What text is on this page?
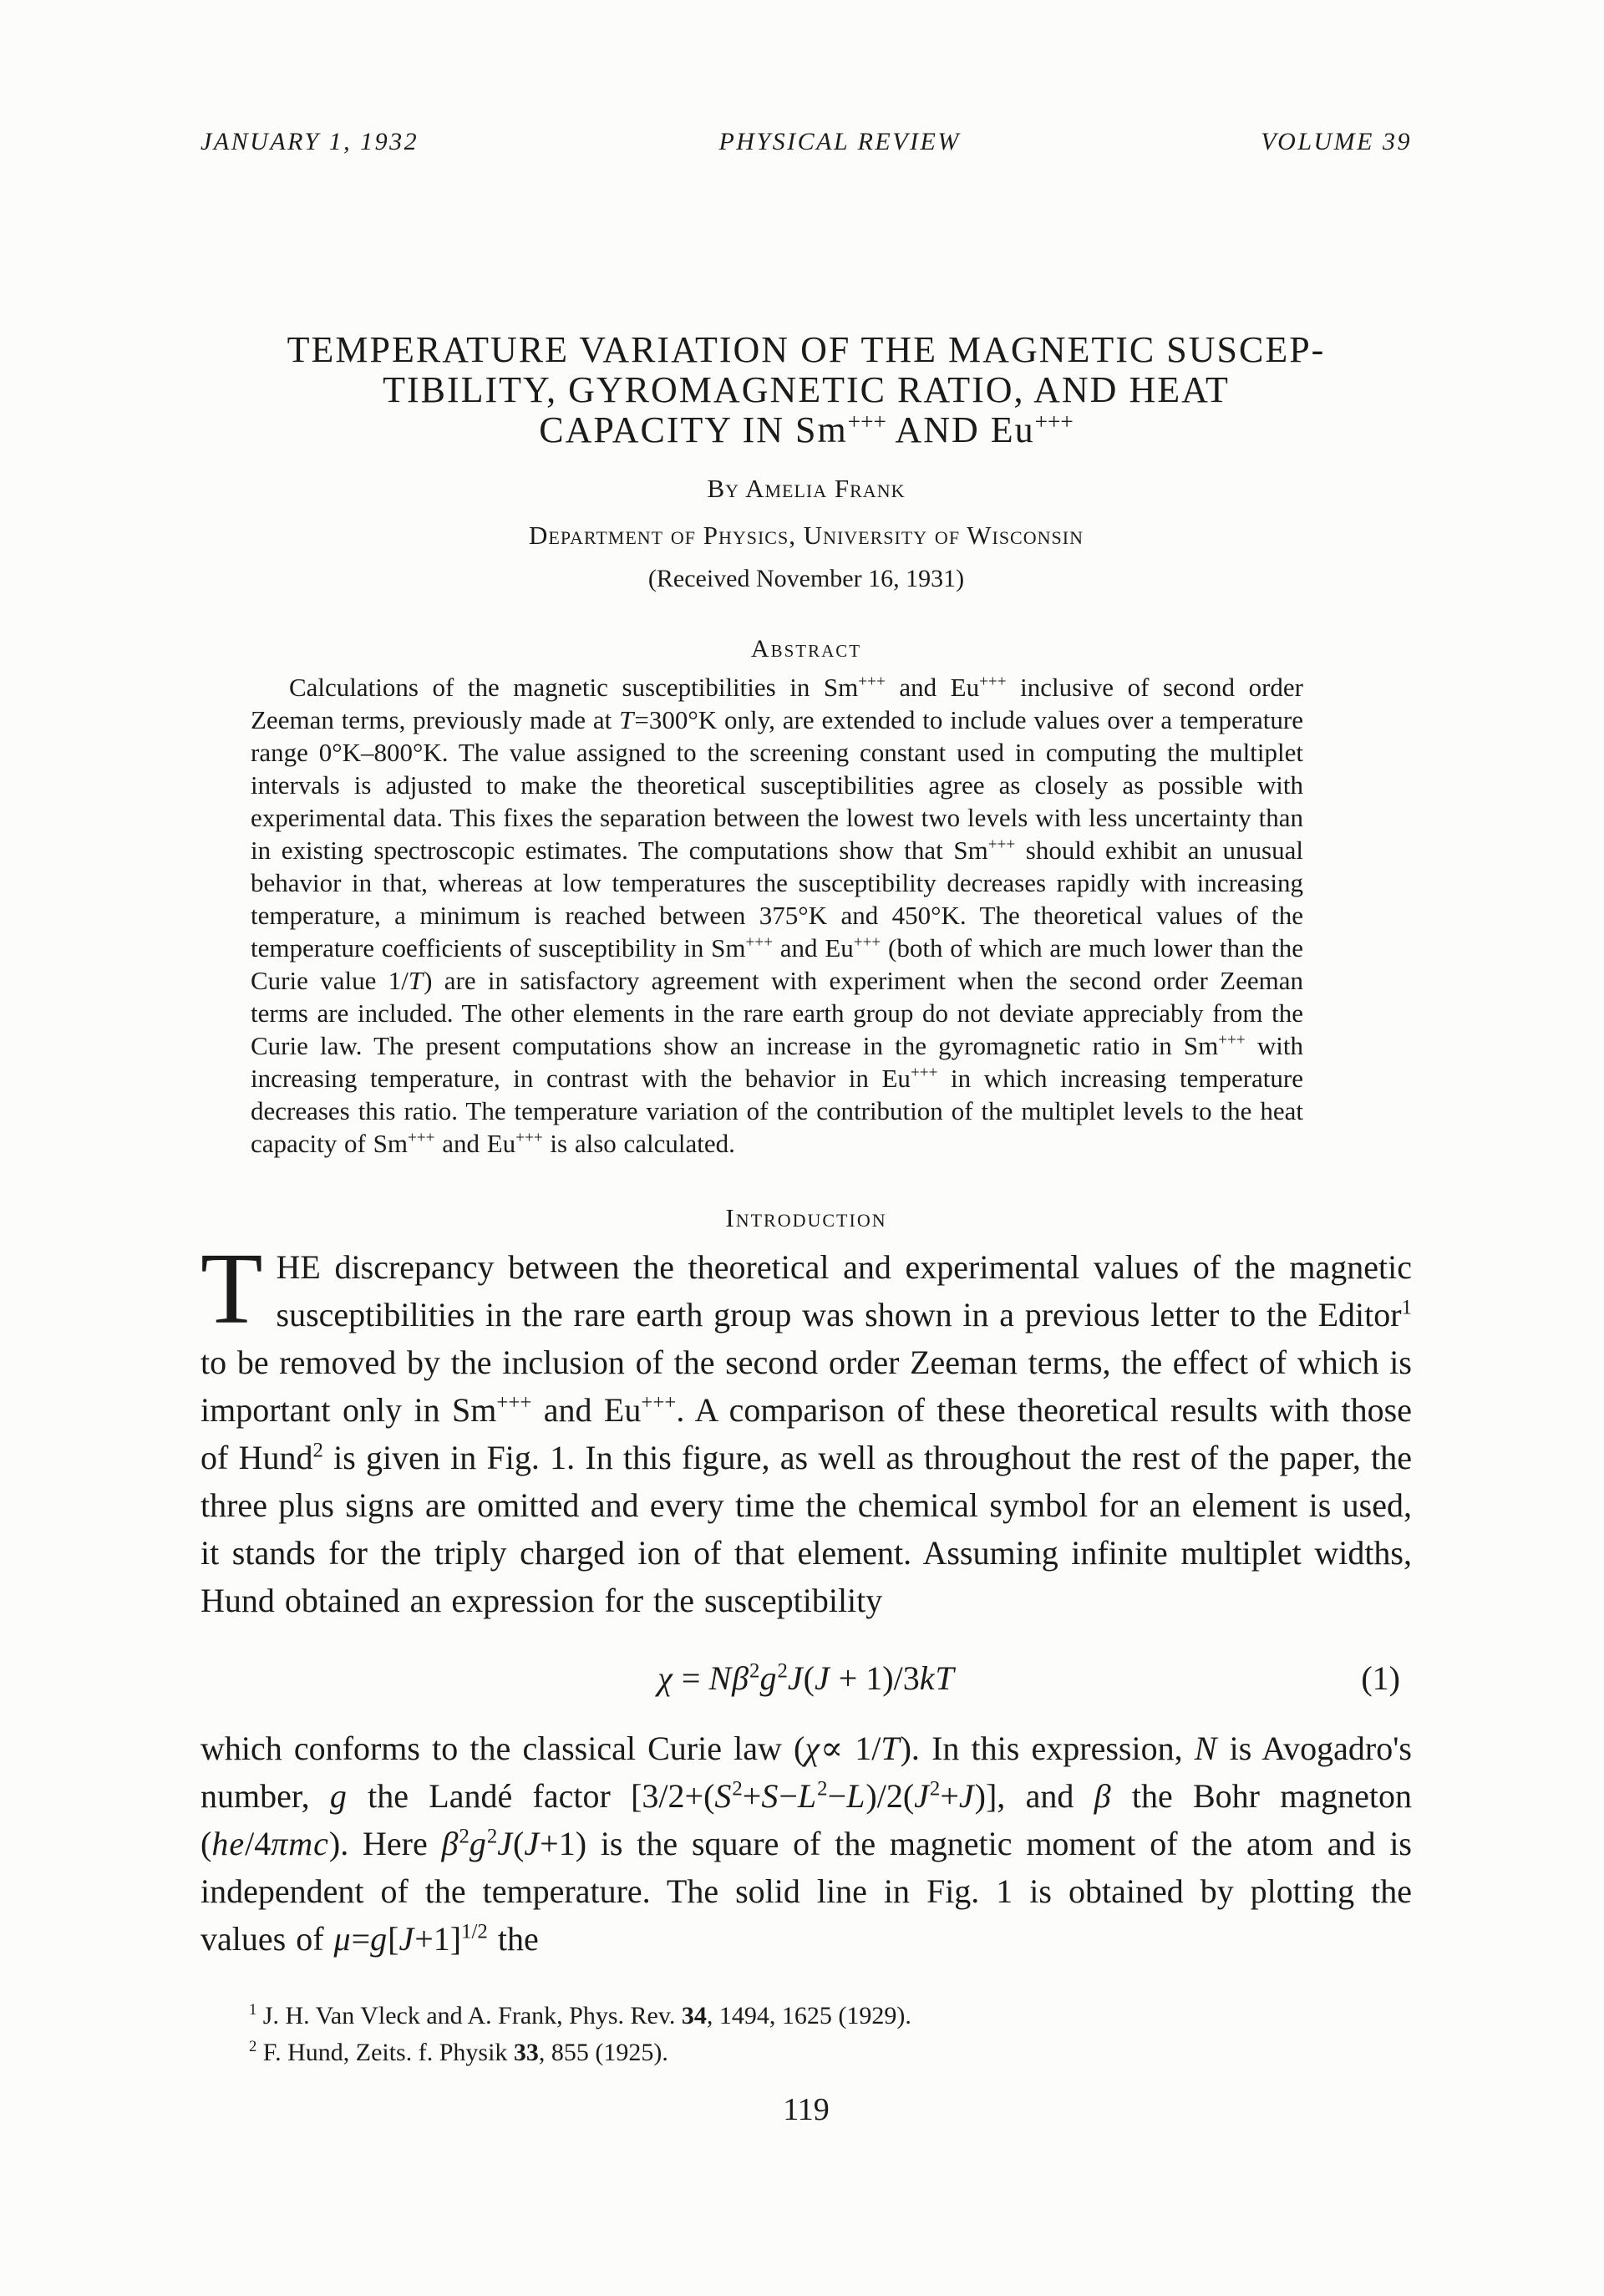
JANUARY 1, 1932	PHYSICAL REVIEW	VOLUME 39
TEMPERATURE VARIATION OF THE MAGNETIC SUSCEP-
TIBILITY, GYROMAGNETIC RATIO, AND HEAT
CAPACITY IN Sm+++ AND Eu+++
By Amelia Frank
Department of Physics, University of Wisconsin
(Received November 16, 1931)
Abstract

Calculations of the magnetic susceptibilities in Sm+++ and Eu+++ inclusive of second order Zeeman terms, previously made at T=300°K only, are extended to include values over a temperature range 0°K–800°K. The value assigned to the screening constant used in computing the multiplet intervals is adjusted to make the theoretical susceptibilities agree as closely as possible with experimental data. This fixes the separation between the lowest two levels with less uncertainty than in existing spectroscopic estimates. The computations show that Sm+++ should exhibit an unusual behavior in that, whereas at low temperatures the susceptibility decreases rapidly with increasing temperature, a minimum is reached between 375°K and 450°K. The theoretical values of the temperature coefficients of susceptibility in Sm+++ and Eu+++ (both of which are much lower than the Curie value 1/T) are in satisfactory agreement with experiment when the second order Zeeman terms are included. The other elements in the rare earth group do not deviate appreciably from the Curie law. The present computations show an increase in the gyromagnetic ratio in Sm+++ with increasing temperature, in contrast with the behavior in Eu+++ in which increasing temperature decreases this ratio. The temperature variation of the contribution of the multiplet levels to the heat capacity of Sm+++ and Eu+++ is also calculated.

Introduction

THE discrepancy between the theoretical and experimental values of the magnetic susceptibilities in the rare earth group was shown in a previous letter to the Editor$^1$ to be removed by the inclusion of the second order Zeeman terms, the effect of which is important only in Sm+++ and Eu+++. A comparison of these theoretical results with those of Hund$^2$ is given in Fig. 1. In this figure, as well as throughout the rest of the paper, the three plus signs are omitted and every time the chemical symbol for an element is used, it stands for the triply charged ion of that element. Assuming infinite multiplet widths, Hund obtained an expression for the susceptibility

$\chi = N\beta^2g^2J(J + 1)/3kT$	(1)

which conforms to the classical Curie law (χ∝ 1/T). In this expression, N is Avogadro's number, g the Landé factor $[3/2+(S^2+S-L^2-L)/2(J^2+J)]$, and β the Bohr magneton (he/4πmc). Here $\beta^2g^2J(J+1)$ is the square of the magnetic moment of the atom and is independent of the temperature. The solid line in Fig. 1 is obtained by plotting the values of $\mu=g[J+1]^{1/2}$ the

$^1$ J. H. Van Vleck and A. Frank, Phys. Rev. 34, 1494, 1625 (1929).
$^2$ F. Hund, Zeits. f. Physik 33, 855 (1925).
119
